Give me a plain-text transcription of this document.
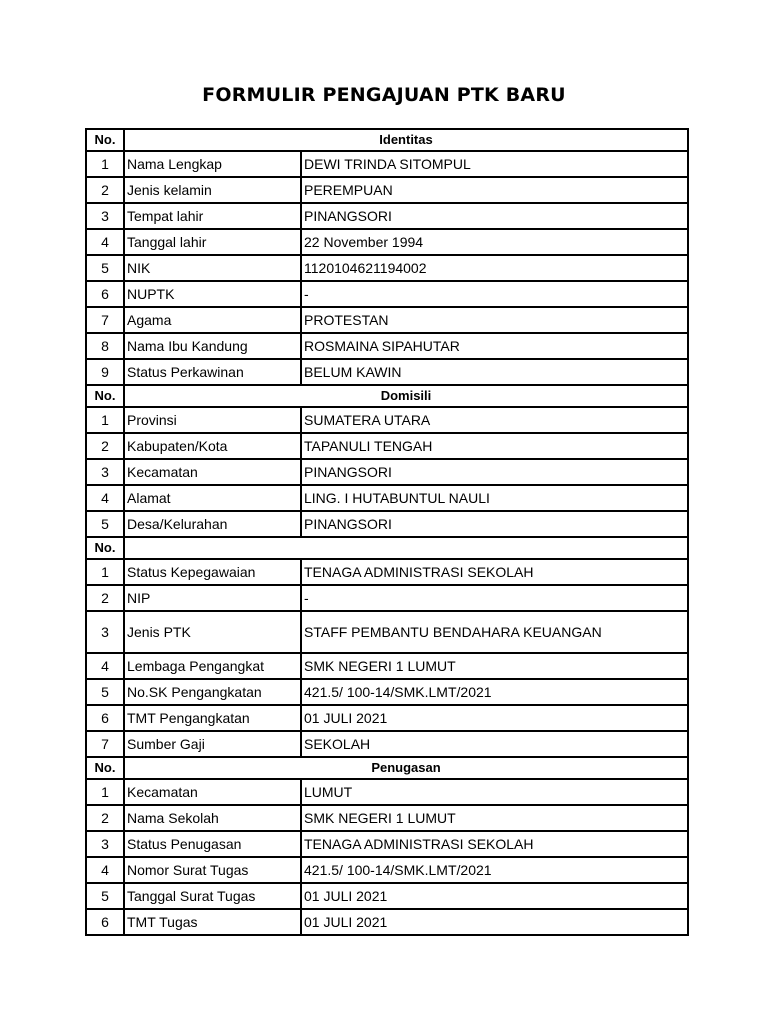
FORMULIR PENGAJUAN PTK BARU
No.	Identitas	
1	Nama Lengkap	DEWI TRINDA SITOMPUL
2	Jenis kelamin	PEREMPUAN
3	Tempat lahir	PINANGSORI
4	Tanggal lahir	22 November 1994
5	NIK	1120104621194002
6	NUPTK	-
7	Agama	PROTESTAN
8	Nama Ibu Kandung	ROSMAINA SIPAHUTAR
9	Status Perkawinan	BELUM KAWIN
No.	Domisili	
1	Provinsi	SUMATERA UTARA
2	Kabupaten/Kota	TAPANULI TENGAH
3	Kecamatan	PINANGSORI
4	Alamat	LING. I HUTABUNTUL NAULI
5	Desa/Kelurahan	PINANGSORI
No.		
1	Status Kepegawaian	TENAGA ADMINISTRASI SEKOLAH
2	NIP	-
3	Jenis PTK	STAFF PEMBANTU BENDAHARA KEUANGAN
4	Lembaga Pengangkat	SMK NEGERI 1 LUMUT
5	No.SK Pengangkatan	421.5/ 100-14/SMK.LMT/2021
6	TMT Pengangkatan	01 JULI 2021
7	Sumber Gaji	SEKOLAH
No.	Penugasan	
1	Kecamatan	LUMUT
2	Nama Sekolah	SMK NEGERI 1 LUMUT
3	Status Penugasan	TENAGA ADMINISTRASI SEKOLAH
4	Nomor Surat Tugas	421.5/ 100-14/SMK.LMT/2021
5	Tanggal Surat Tugas	01 JULI 2021
6	TMT Tugas	01 JULI 2021
